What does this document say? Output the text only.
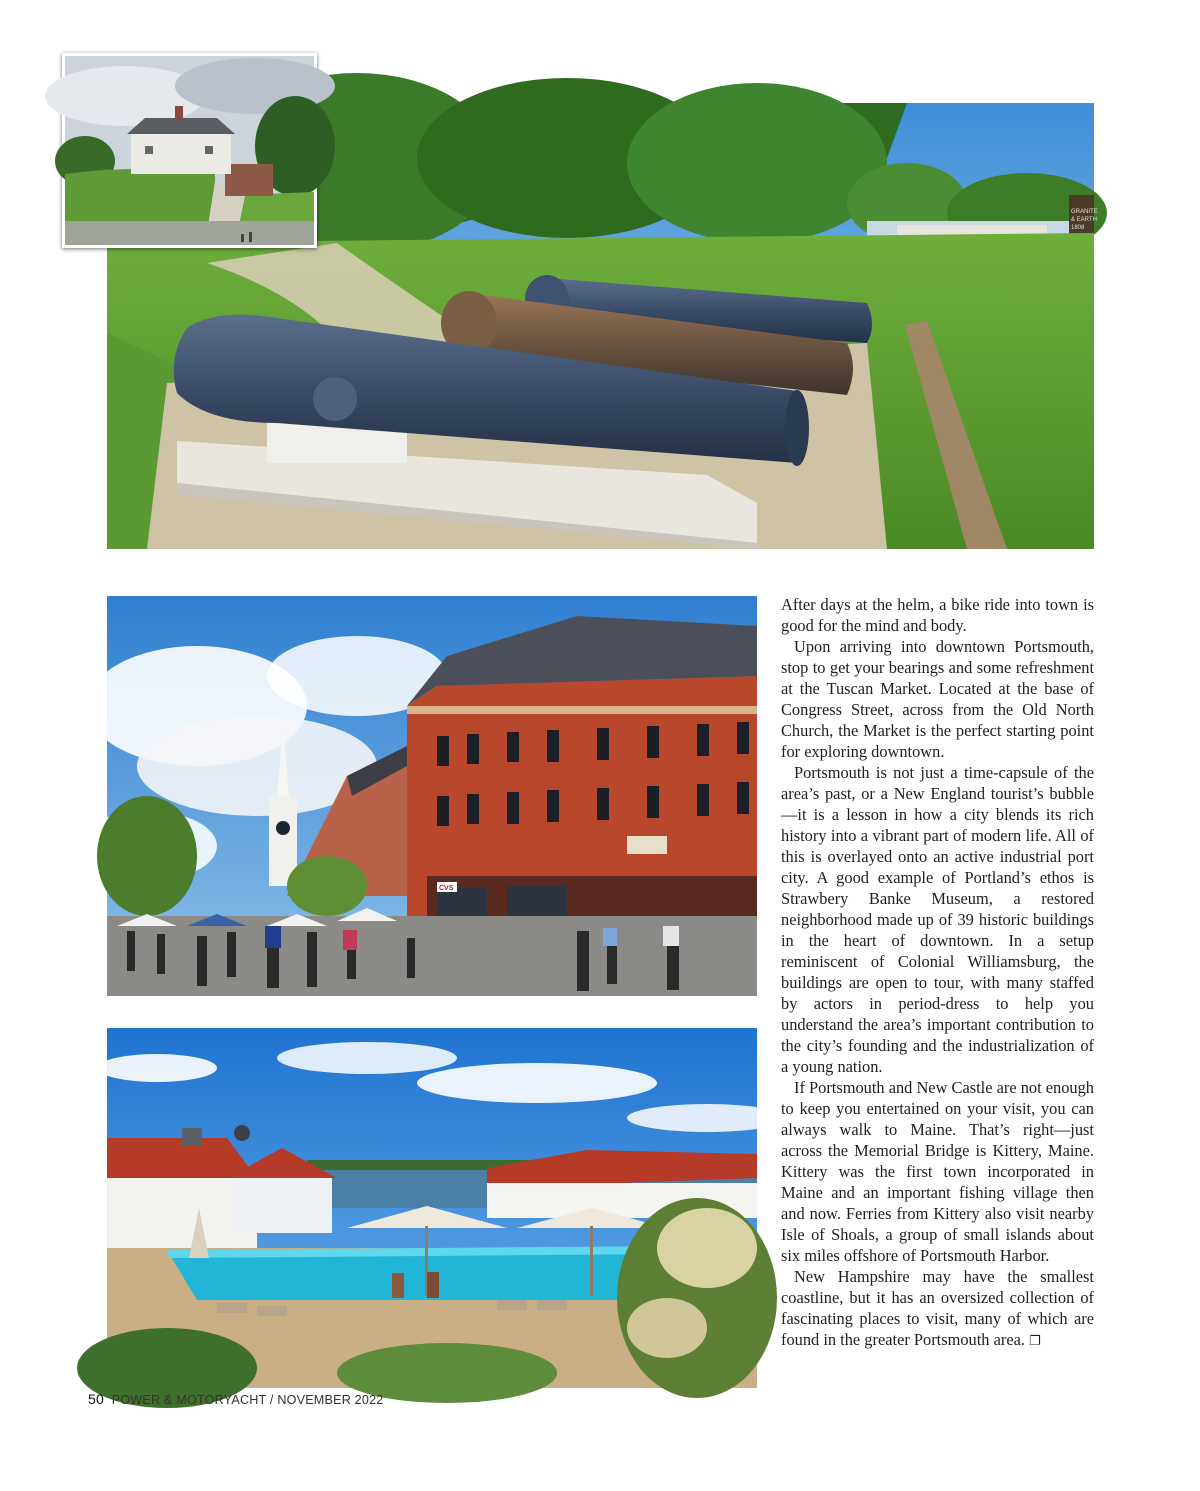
GRANITE
& EARTH
1808
CVS

After days at the helm, a bike ride into town is good for the mind and body.

Upon arriving into downtown Portsmouth, stop to get your bearings and some refreshment at the Tuscan Market. Located at the base of Congress Street, across from the Old North Church, the Market is the perfect starting point for exploring downtown.

Portsmouth is not just a time-capsule of the area’s past, or a New England tourist’s bubble—it is a lesson in how a city blends its rich history into a vibrant part of modern life. All of this is overlayed onto an active industrial port city. A good example of Portland’s ethos is Strawbery Banke Museum, a restored neighborhood made up of 39 historic buildings in the heart of downtown. In a setup reminiscent of Colonial Williamsburg, the buildings are open to tour, with many staffed by actors in period-dress to help you understand the area’s important contribution to the city’s founding and the industrialization of a young nation.

If Portsmouth and New Castle are not enough to keep you entertained on your visit, you can always walk to Maine. That’s right—just across the Memorial Bridge is Kittery, Maine. Kittery was the first town incorporated in Maine and an important fishing village then and now. Ferries from Kittery also visit nearby Isle of Shoals, a group of small islands about six miles offshore of Portsmouth Harbor.

New Hampshire may have the smallest coastline, but it has an oversized collection of fascinating places to visit, many of which are found in the greater Portsmouth area. ❐

50 POWER & MOTORYACHT / NOVEMBER 2022
